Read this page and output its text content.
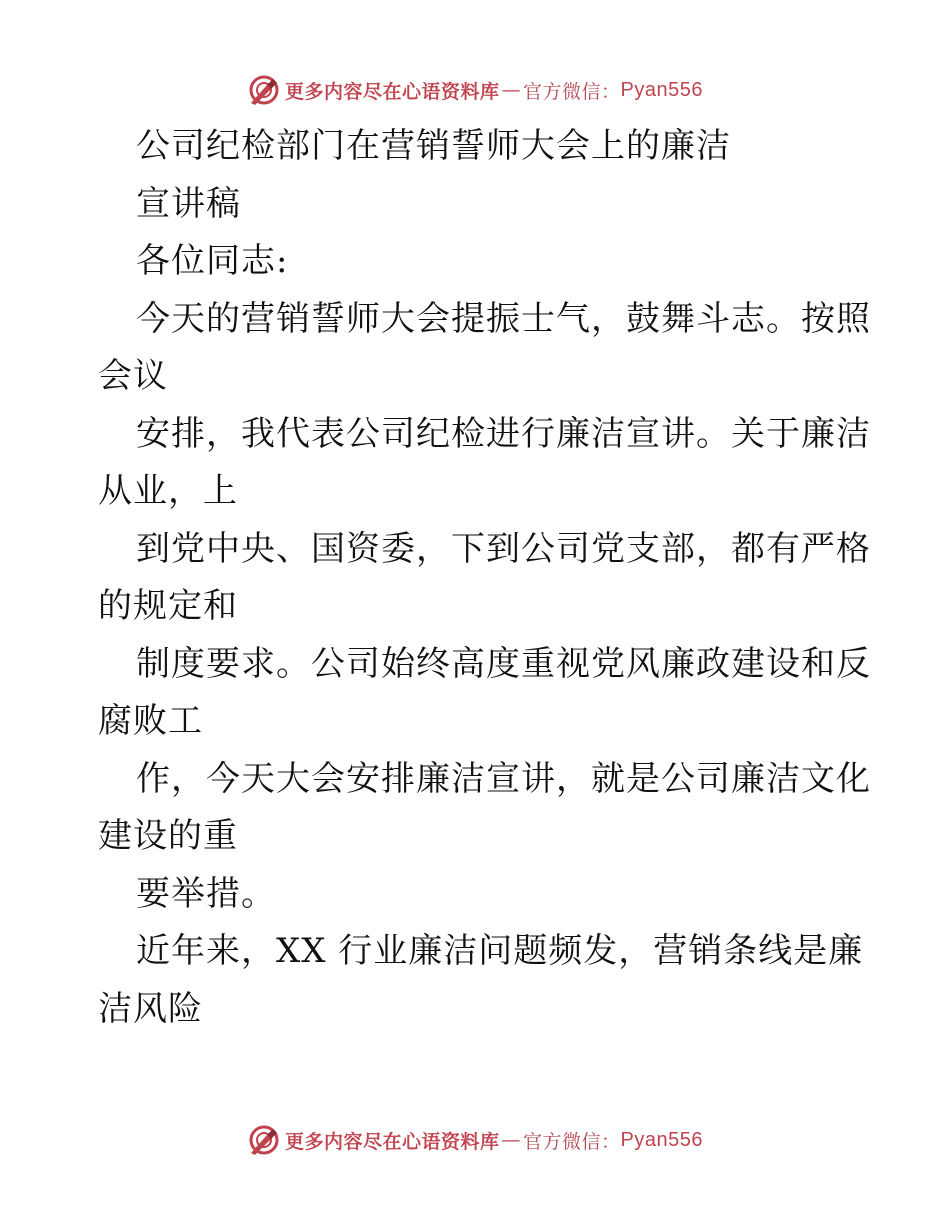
更多内容尽在心语资料库 — 官方微信： Pyan556
公司纪检部门在营销誓师大会上的廉洁
宣讲稿
各位同志:
今天的营销誓师大会提振士气，鼓舞斗志。按照
会议
安排，我代表公司纪检进行廉洁宣讲。关于廉洁
从业，上
到党中央、国资委，下到公司党支部，都有严格
的规定和
制度要求。公司始终高度重视党风廉政建设和反
腐败工
作，今天大会安排廉洁宣讲，就是公司廉洁文化
建设的重
要举措。
近年来，XX 行业廉洁问题频发，营销条线是廉
洁风险
更多内容尽在心语资料库 — 官方微信： Pyan556
